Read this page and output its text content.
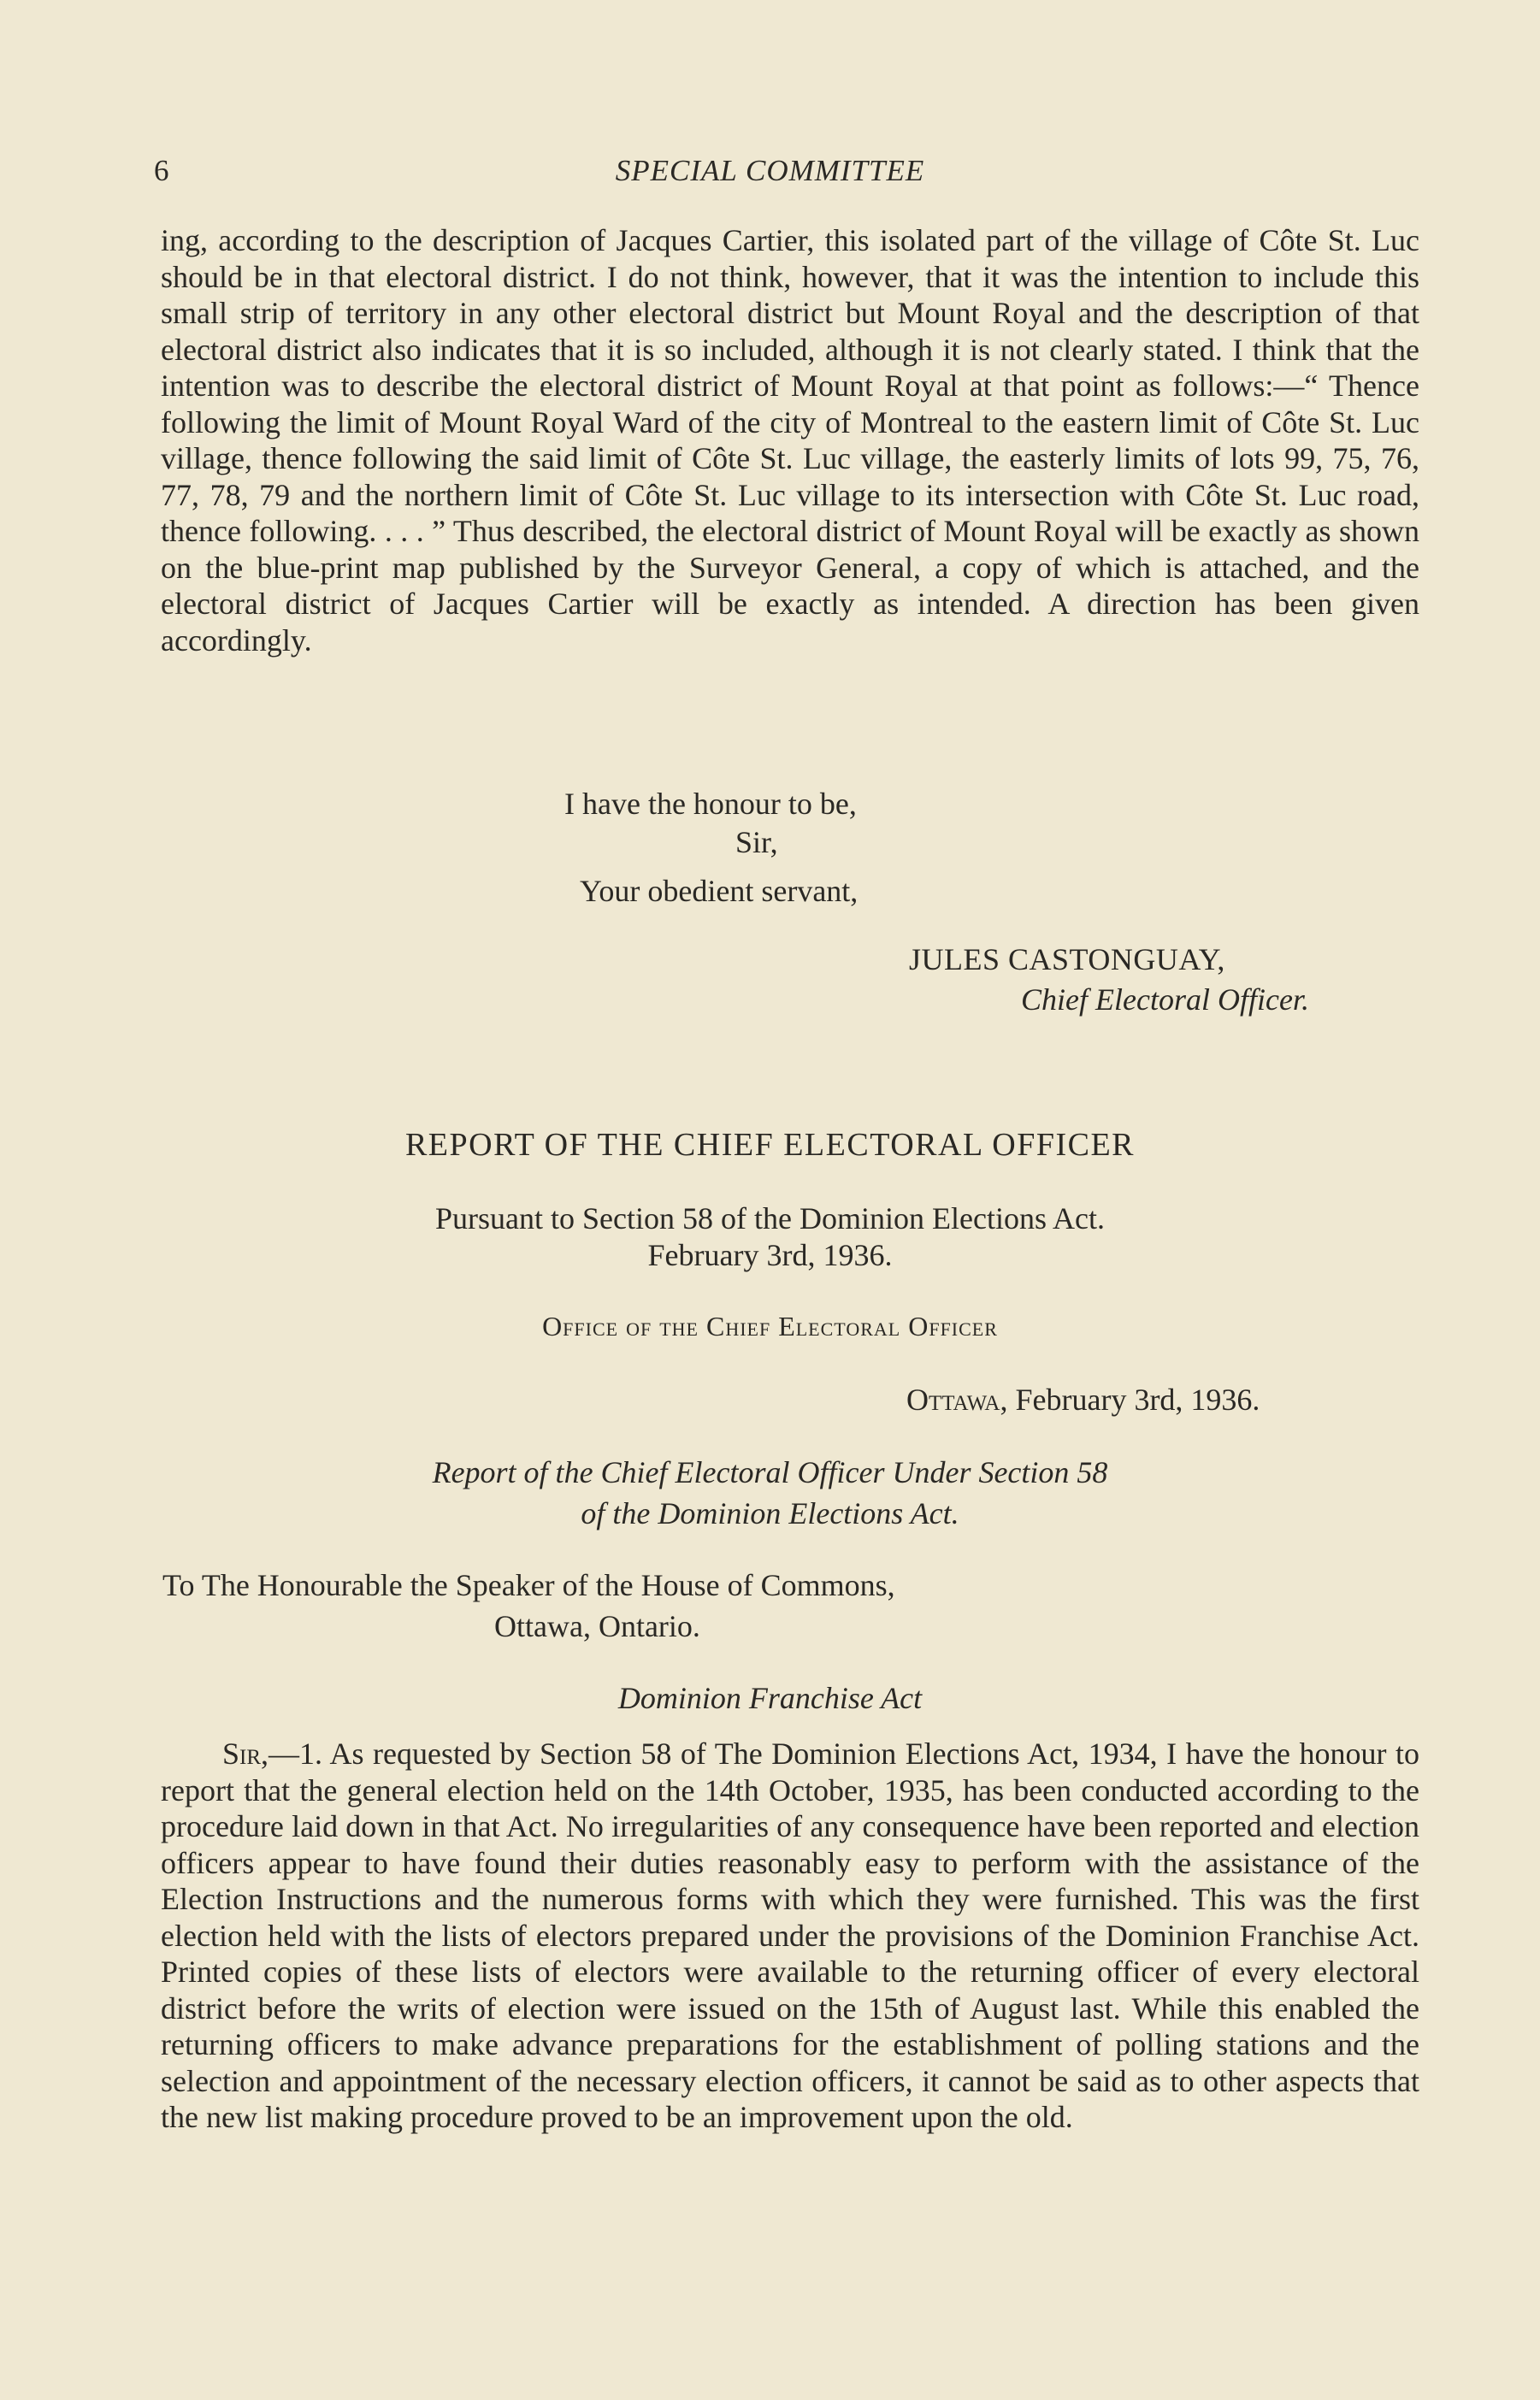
6	SPECIAL COMMITTEE
ing, according to the description of Jacques Cartier, this isolated part of the village of Côte St. Luc should be in that electoral district. I do not think, however, that it was the intention to include this small strip of territory in any other electoral district but Mount Royal and the description of that electoral district also indicates that it is so included, although it is not clearly stated. I think that the intention was to describe the electoral district of Mount Royal at that point as follows:—“ Thence following the limit of Mount Royal Ward of the city of Montreal to the eastern limit of Côte St. Luc village, thence following the said limit of Côte St. Luc village, the easterly limits of lots 99, 75, 76, 77, 78, 79 and the northern limit of Côte St. Luc village to its intersection with Côte St. Luc road, thence following. . . . ” Thus described, the electoral district of Mount Royal will be exactly as shown on the blue-print map published by the Surveyor General, a copy of which is attached, and the electoral district of Jacques Cartier will be exactly as intended. A direction has been given accordingly.
I have the honour to be,
Sir,
Your obedient servant,
JULES CASTONGUAY,
Chief Electoral Officer.
REPORT OF THE CHIEF ELECTORAL OFFICER
Pursuant to Section 58 of the Dominion Elections Act.
February 3rd, 1936.
Office of the Chief Electoral Officer
Ottawa, February 3rd, 1936.
Report of the Chief Electoral Officer Under Section 58
of the Dominion Elections Act.
To The Honourable the Speaker of the House of Commons,
Ottawa, Ontario.
Dominion Franchise Act
Sir,—1. As requested by Section 58 of The Dominion Elections Act, 1934, I have the honour to report that the general election held on the 14th October, 1935, has been conducted according to the procedure laid down in that Act. No irregularities of any consequence have been reported and election officers appear to have found their duties reasonably easy to perform with the assistance of the Election Instructions and the numerous forms with which they were furnished. This was the first election held with the lists of electors prepared under the provisions of the Dominion Franchise Act. Printed copies of these lists of electors were available to the returning officer of every electoral district before the writs of election were issued on the 15th of August last. While this enabled the returning officers to make advance preparations for the establishment of polling stations and the selection and appointment of the necessary election officers, it cannot be said as to other aspects that the new list making procedure proved to be an improvement upon the old.
